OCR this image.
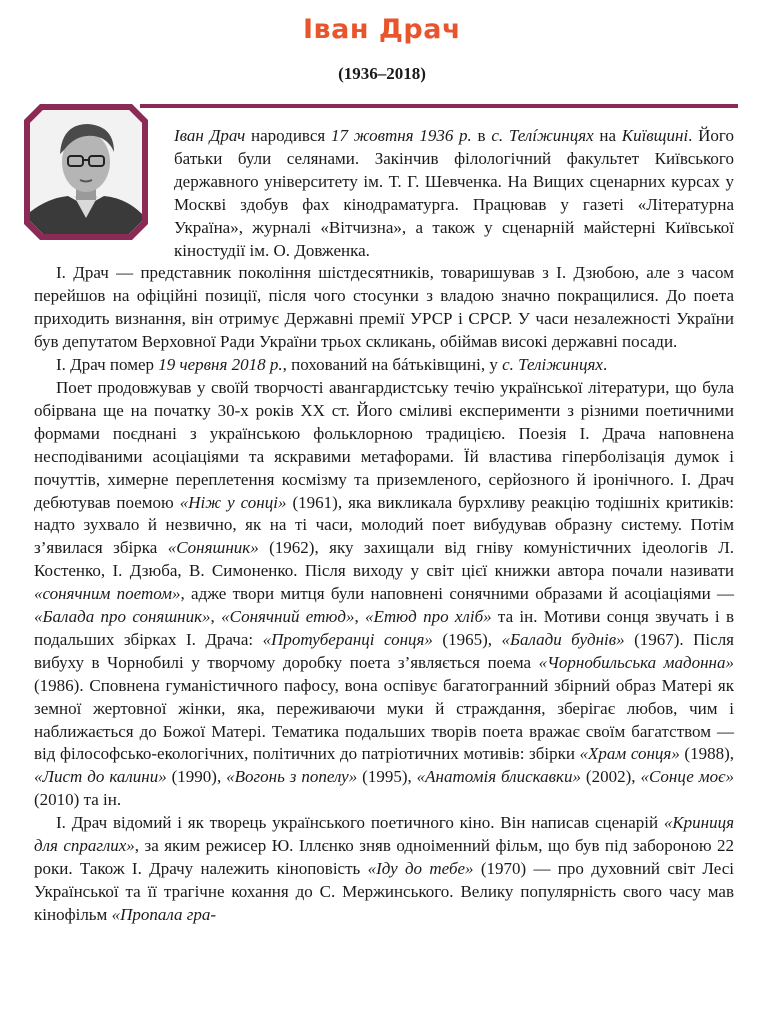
Іван Драч
(1936–2018)

Іван Драч народився 17 жовтня 1936 р. в с. Телíжинцях на Київщині. Його батьки були селянами. Закінчив філологічний факультет Київського державного університету ім. Т. Г. Шевченка. На Вищих сценарних курсах у Москві здобув фах кінодраматурга. Працював у газеті «Літературна Україна», журналі «Вітчизна», а також у сценарній майстерні Київської кіностудії ім. О. Довженка.

І. Драч — представник покоління шістдесятників, товаришував з І. Дзюбою, але з часом перейшов на офіційні позиції, після чого стосунки з владою значно покращилися. До поета приходить визнання, він отримує Державні премії УРСР і СРСР. У часи незалежності України був депутатом Верховної Ради України трьох скликань, обіймав високі державні посади.

І. Драч помер 19 червня 2018 р., похований на бáтьківщині, у с. Теліжинцях.

Поет продовжував у своїй творчості авангардистську течію української літератури, що була обірвана ще на початку 30-х років ХХ ст. Його сміливі експерименти з різними поетичними формами поєднані з українською фольклорною традицією. Поезія І. Драча наповнена несподіваними асоціаціями та яскравими метафорами. Їй властива гіперболізація думок і почуттів, химерне переплетення космізму та приземленого, серйозного й іронічного. І. Драч дебютував поемою «Ніж у сонці» (1961), яка викликала бурхливу реакцію тодішніх критиків: надто зухвало й незвично, як на ті часи, молодий поет вибудував образну систему. Потім з’явилася збірка «Соняшник» (1962), яку захищали від гніву комуністичних ідеологів Л. Костенко, І. Дзюба, В. Симоненко. Після виходу у світ цієї книжки автора почали називати «сонячним поетом», адже твори митця були наповнені сонячними образами й асоціаціями — «Балада про соняшник», «Сонячний етюд», «Етюд про хліб» та ін. Мотиви сонця звучать і в подальших збірках І. Драча: «Протуберанці сонця» (1965), «Балади буднів» (1967). Після вибуху в Чорнобилі у творчому доробку поета з’являється поема «Чорнобильська мадонна» (1986). Сповнена гуманістичного пафосу, вона оспівує багатогранний збірний образ Матері як земної жертовної жінки, яка, переживаючи муки й страждання, зберігає любов, чим і наближається до Божої Матері. Тематика подальших творів поета вражає своїм багатством — від філософсько-екологічних, політичних до патріотичних мотивів: збірки «Храм сонця» (1988), «Лист до калини» (1990), «Вогонь з попелу» (1995), «Анатомія блискавки» (2002), «Сонце моє» (2010) та ін.

І. Драч відомий і як творець українського поетичного кіно. Він написав сценарій «Криниця для спраглих», за яким режисер Ю. Іллєнко зняв одноіменний фільм, що був під забороною 22 роки. Також І. Драчу належить кіноповість «Іду до тебе» (1970) — про духовний світ Лесі Української та її трагічне кохання до С. Мержинського. Велику популярність свого часу мав кінофільм «Пропала гра-
